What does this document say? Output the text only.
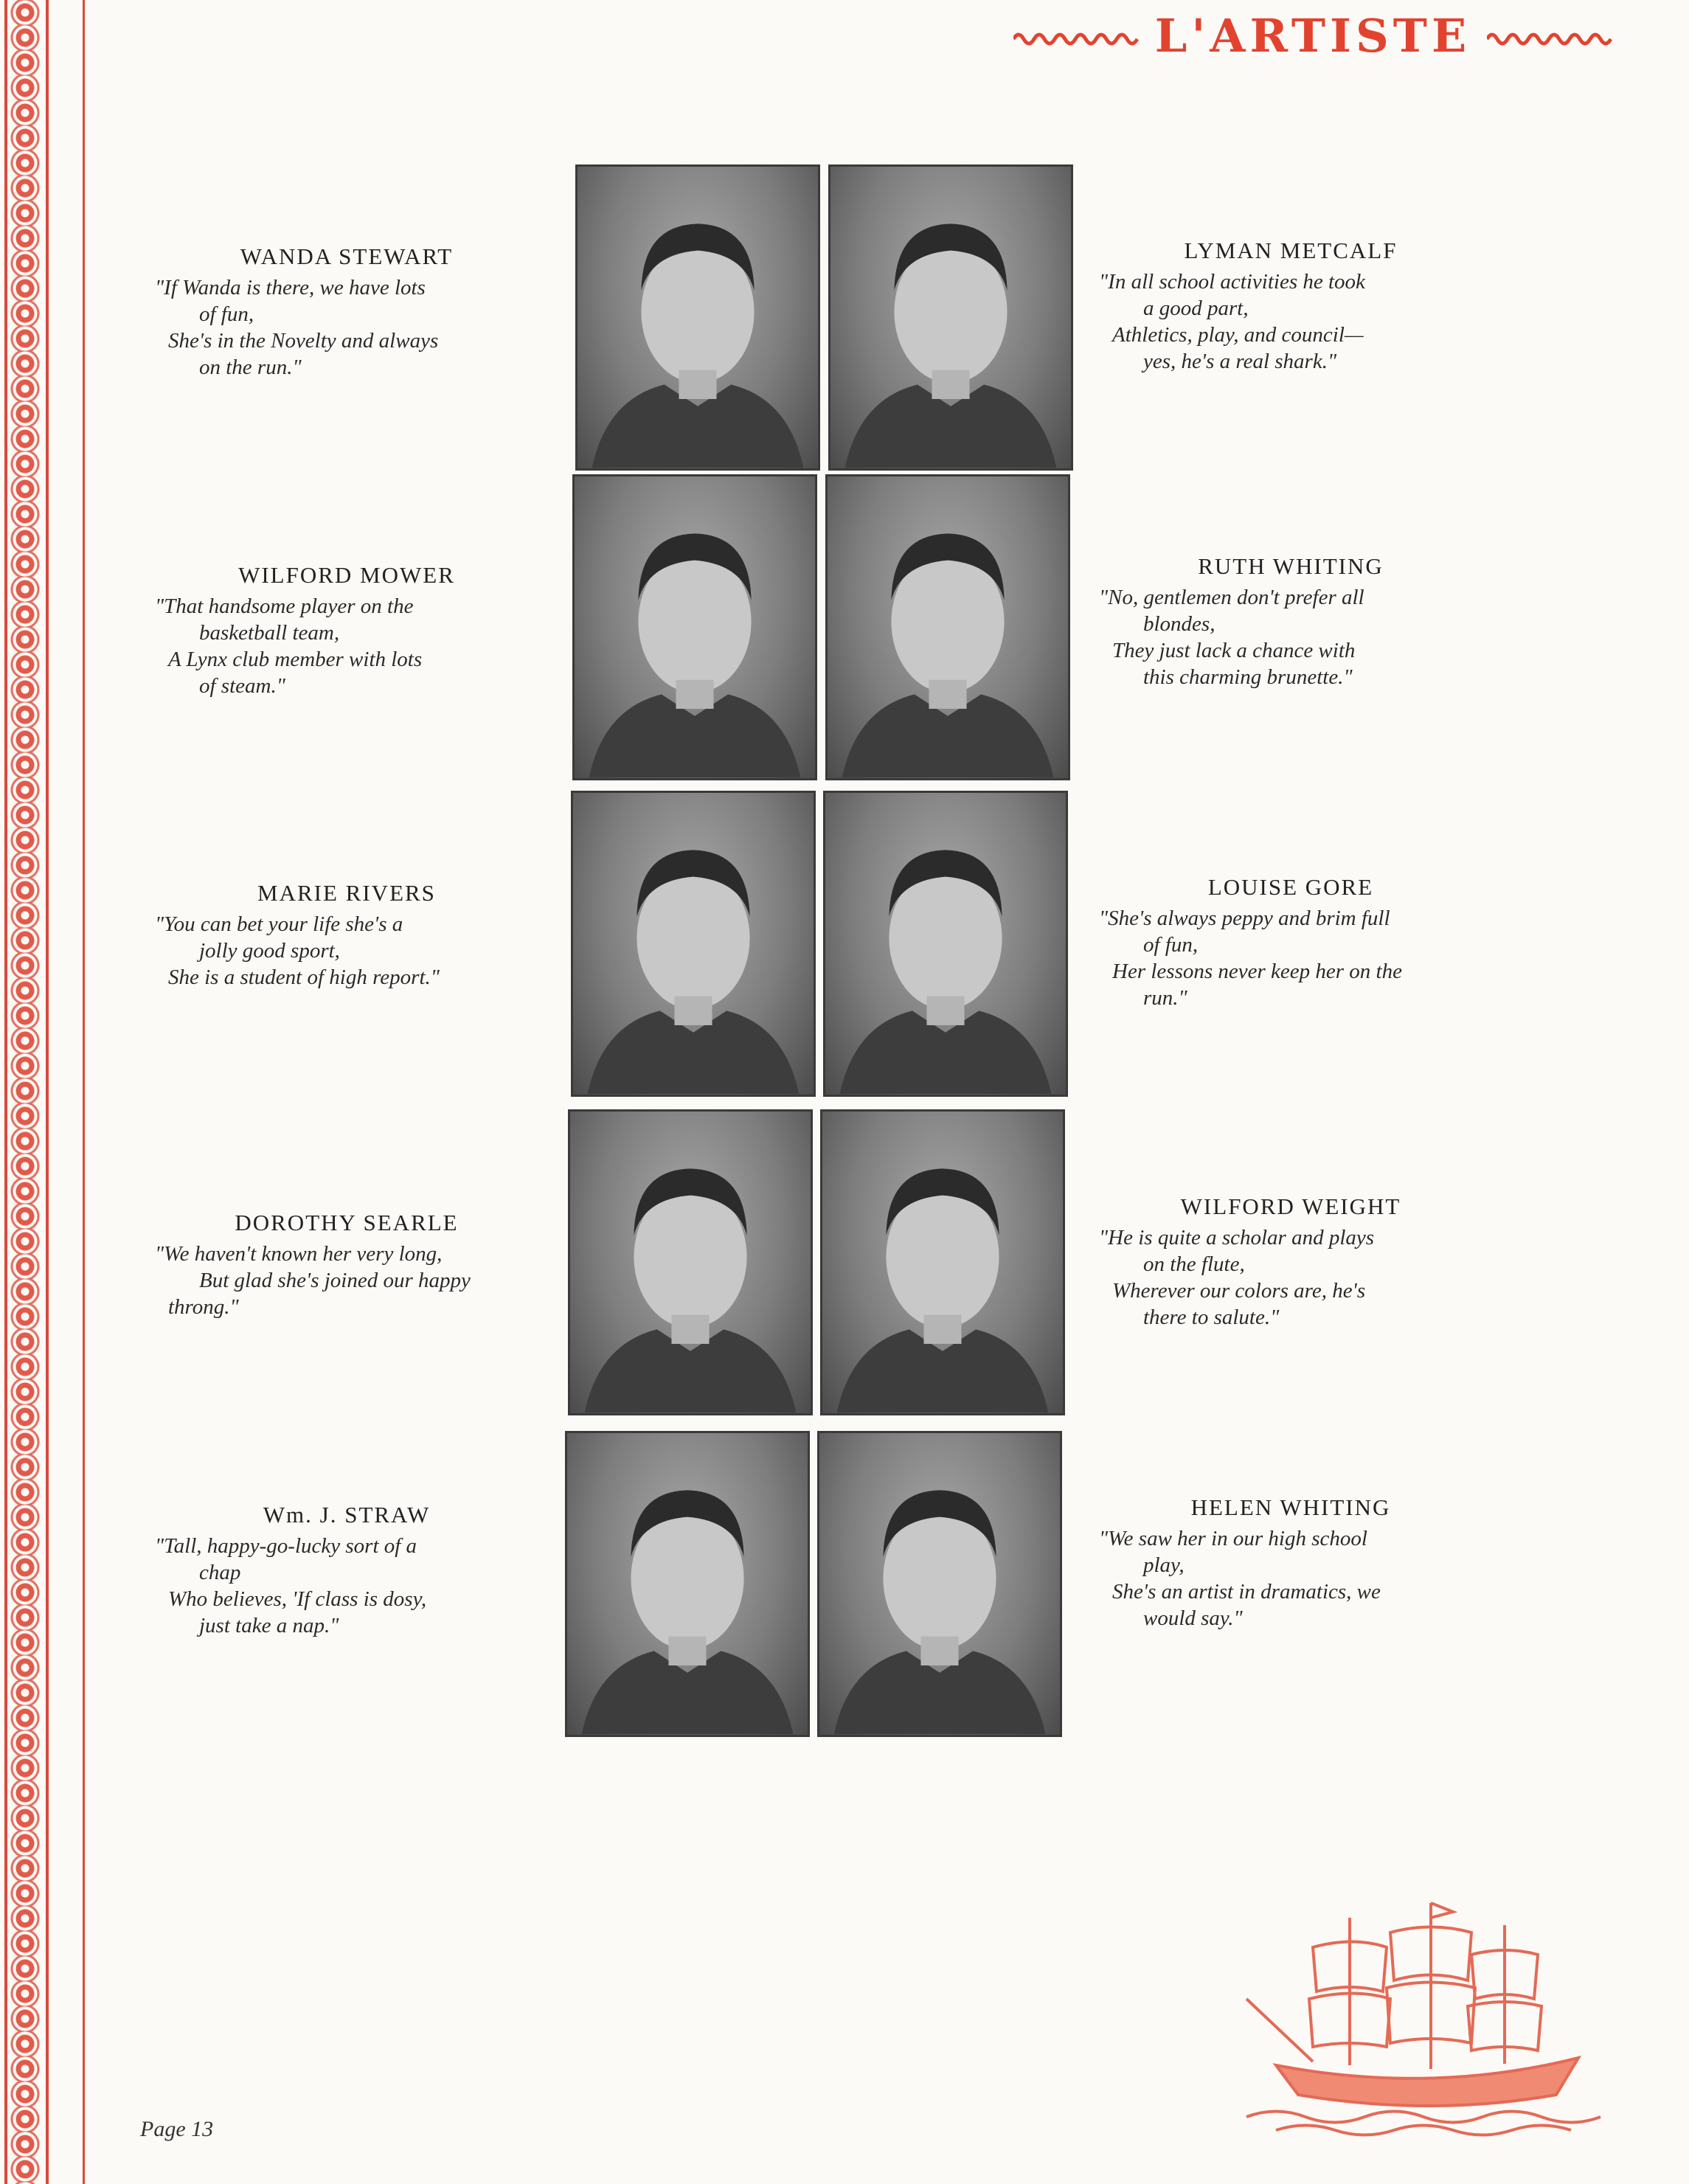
L'ARTISTE
WANDA STEWART
"If Wanda is there, we have lots
of fun,
She's in the Novelty and always
on the run."
LYMAN METCALF
"In all school activities he took
a good part,
Athletics, play, and council—
yes, he's a real shark."
WILFORD MOWER
"That handsome player on the
basketball team,
A Lynx club member with lots
of steam."
RUTH WHITING
"No, gentlemen don't prefer all
blondes,
They just lack a chance with
this charming brunette."
MARIE RIVERS
"You can bet your life she's a
jolly good sport,
She is a student of high report."
LOUISE GORE
"She's always peppy and brim full
of fun,
Her lessons never keep her on the
run."
DOROTHY SEARLE
"We haven't known her very long,
But glad she's joined our happy
throng."
WILFORD WEIGHT
"He is quite a scholar and plays
on the flute,
Wherever our colors are, he's
there to salute."
Wm. J. STRAW
"Tall, happy-go-lucky sort of a
chap
Who believes, 'If class is dosy,
just take a nap."
HELEN WHITING
"We saw her in our high school
play,
She's an artist in dramatics, we
would say."
Page 13
